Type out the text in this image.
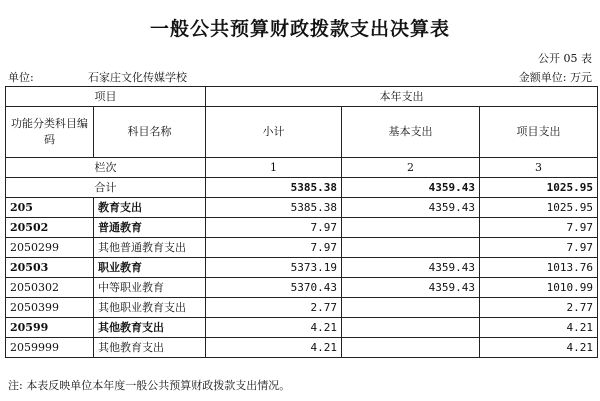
一般公共预算财政拨款支出决算表
公开 05 表
单位:	石家庄文化传媒学校	金额单位: 万元
项目		本年支出		
功能分类科目编码	科目名称	小计	基本支出	项目支出
栏次		1	2	3
合计		5385.38	4359.43	1025.95
205	教育支出	5385.38	4359.43	1025.95
20502	普通教育	7.97		7.97
2050299	其他普通教育支出	7.97		7.97
20503	职业教育	5373.19	4359.43	1013.76
2050302	中等职业教育	5370.43	4359.43	1010.99
2050399	其他职业教育支出	2.77		2.77
20599	其他教育支出	4.21		4.21
2059999	其他教育支出	4.21		4.21
注: 本表反映单位本年度一般公共预算财政拨款支出情况。
